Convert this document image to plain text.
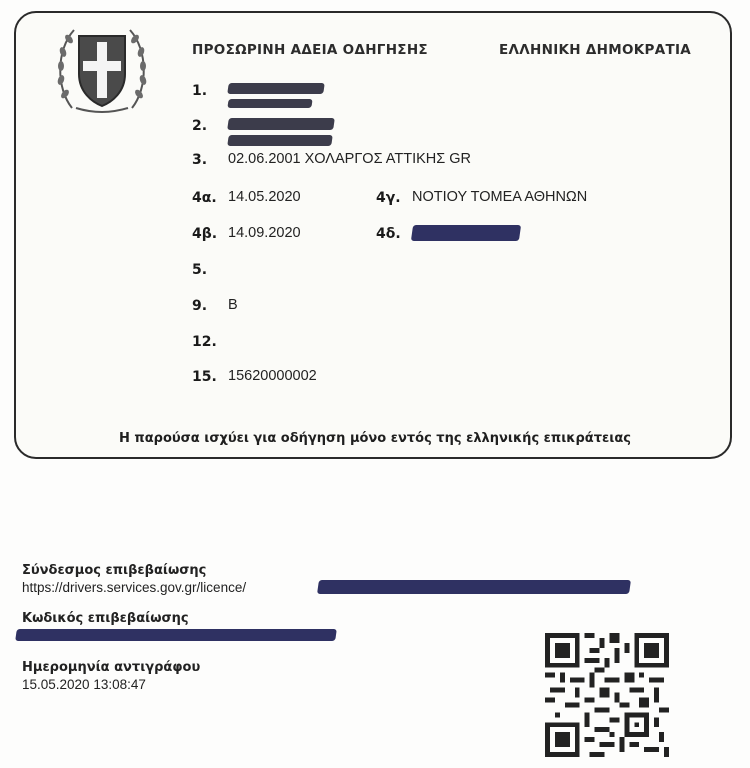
ΠΡΟΣΩΡΙΝΗ ΑΔΕΙΑ ΟΔΗΓΗΣΗΣ	ΕΛΛΗΝΙΚΗ ΔΗΜΟΚΡΑΤΙΑ
1.
2.
3. 02.06.2001 ΧΟΛΑΡΓΟΣ ΑΤΤΙΚΗΣ GR
4α. 14.05.2020	4γ. ΝΟΤΙΟΥ ΤΟΜΕΑ ΑΘΗΝΩΝ
4β. 14.09.2020	4δ.
5.
9. B
12.
15. 15620000002
Η παρούσα ισχύει για οδήγηση μόνο εντός της ελληνικής επικράτειας
Σύνδεσμος επιβεβαίωσης
https://drivers.services.gov.gr/licence/
Κωδικός επιβεβαίωσης
Ημερομηνία αντιγράφου
15.05.2020 13:08:47
